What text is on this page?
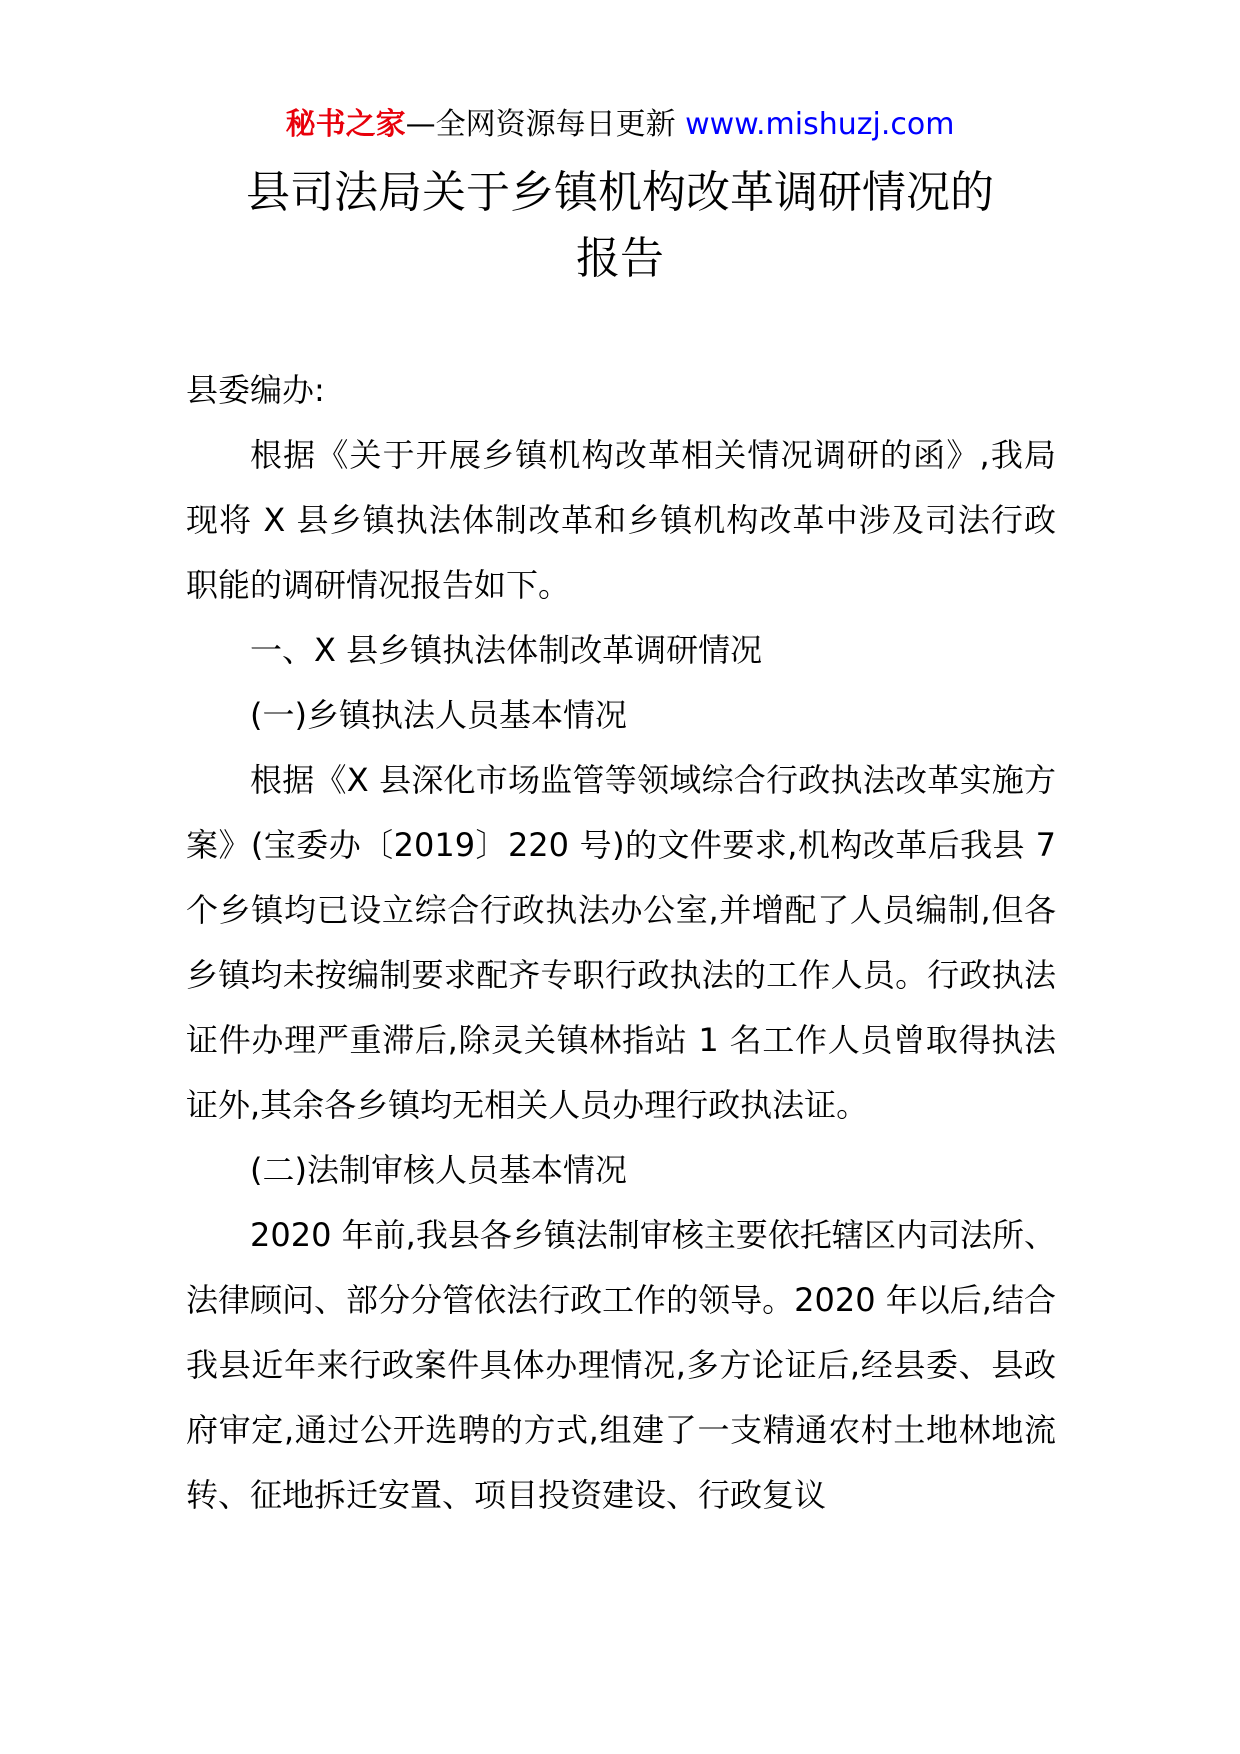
秘书之家—全网资源每日更新 www.mishuzj.com
县司法局关于乡镇机构改革调研情况的
报告

县委编办:

根据《关于开展乡镇机构改革相关情况调研的函》,我局现将 X 县乡镇执法体制改革和乡镇机构改革中涉及司法行政职能的调研情况报告如下。

一、X 县乡镇执法体制改革调研情况

(一)乡镇执法人员基本情况

根据《X 县深化市场监管等领域综合行政执法改革实施方案》(宝委办〔2019〕220 号)的文件要求,机构改革后我县 7 个乡镇均已设立综合行政执法办公室,并增配了人员编制,但各乡镇均未按编制要求配齐专职行政执法的工作人员。行政执法证件办理严重滞后,除灵关镇林指站 1 名工作人员曾取得执法证外,其余各乡镇均无相关人员办理行政执法证。

(二)法制审核人员基本情况

2020 年前,我县各乡镇法制审核主要依托辖区内司法所、法律顾问、部分分管依法行政工作的领导。2020 年以后,结合我县近年来行政案件具体办理情况,多方论证后,经县委、县政府审定,通过公开选聘的方式,组建了一支精通农村土地林地流转、征地拆迁安置、项目投资建设、行政复议
